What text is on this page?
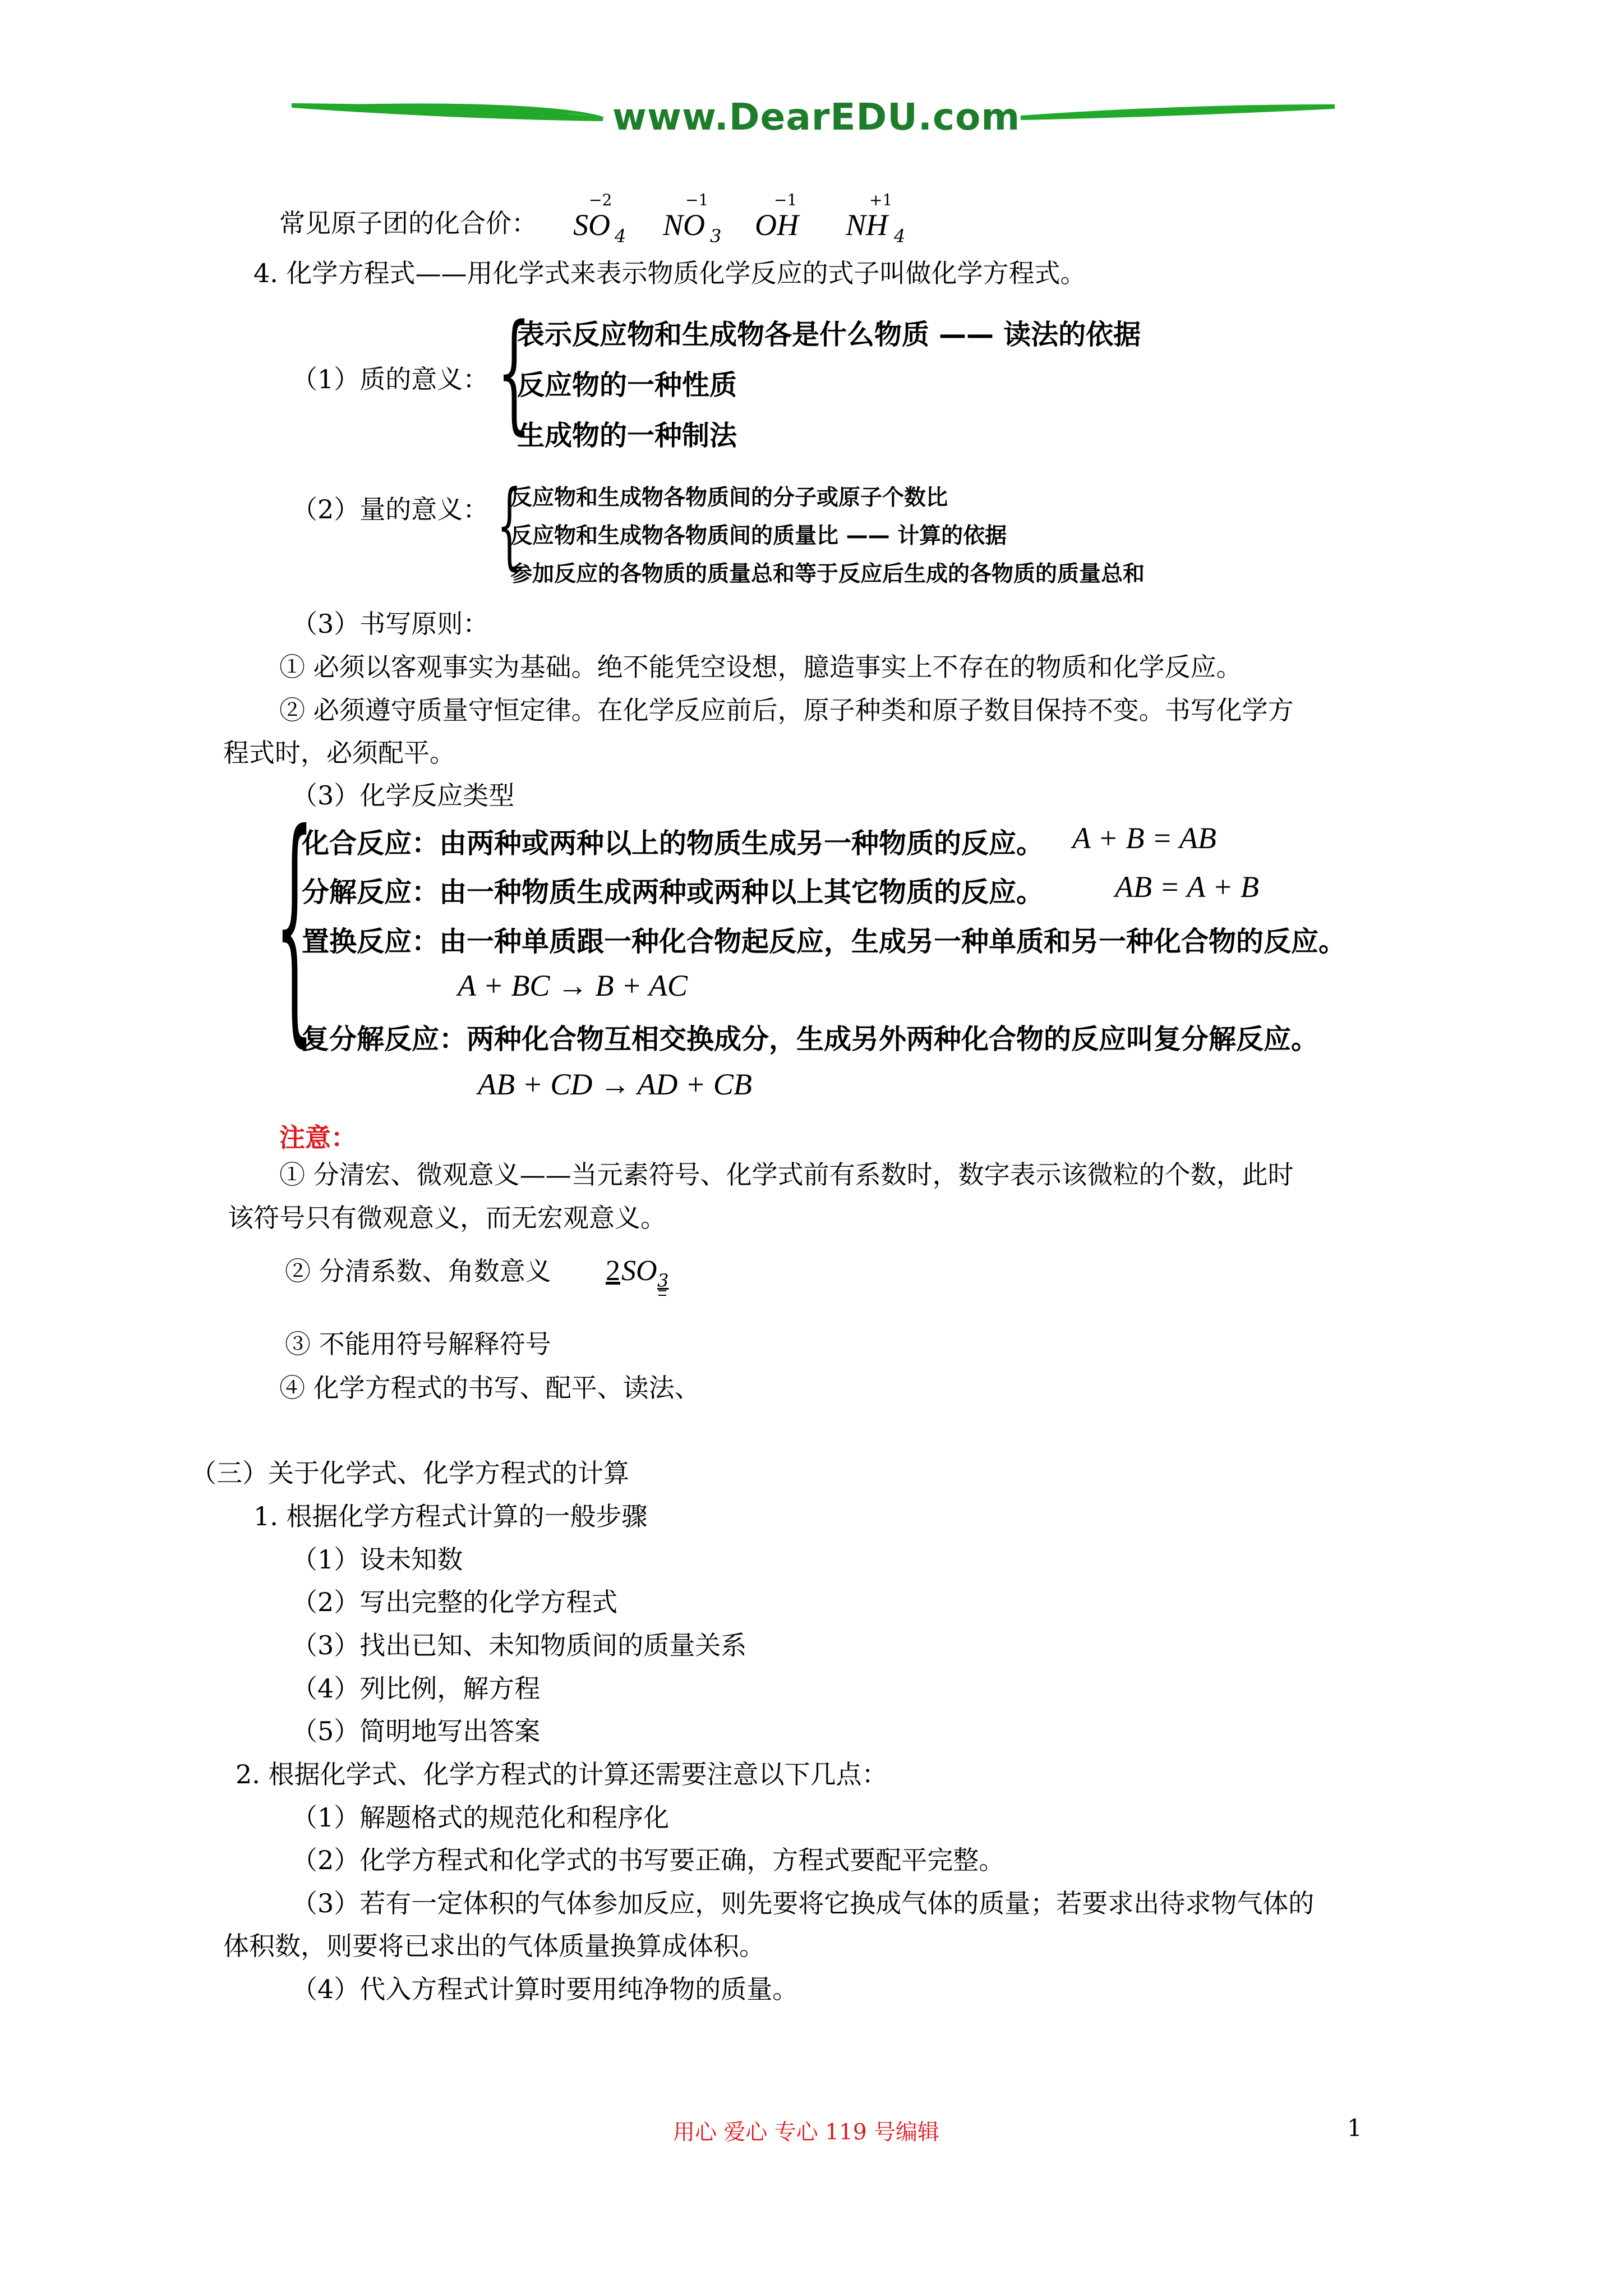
www.DearEDU.com
常见原子团的化合价：
−2
SO 4
−1
NO 3
−1
OH
+1
NH 4
4. 化学方程式——用化学式来表示物质化学反应的式子叫做化学方程式。
（1）质的意义： {
表示反应物和生成物各是什么物质 —— 读法的依据
反应物的一种性质
生成物的一种制法
（2）量的意义： {
反应物和生成物各物质间的分子或原子个数比
反应物和生成物各物质间的质量比 —— 计算的依据
参加反应的各物质的质量总和等于反应后生成的各物质的质量总和
（3）书写原则：
① 必须以客观事实为基础。绝不能凭空设想，臆造事实上不存在的物质和化学反应。
② 必须遵守质量守恒定律。在化学反应前后，原子种类和原子数目保持不变。书写化学方
程式时，必须配平。
（3）化学反应类型
{
化合反应：由两种或两种以上的物质生成另一种物质的反应。 A + B = AB
分解反应：由一种物质生成两种或两种以上其它物质的反应。 AB = A + B
置换反应：由一种单质跟一种化合物起反应，生成另一种单质和另一种化合物的反应。
A + BC → B + AC
复分解反应：两种化合物互相交换成分，生成另外两种化合物的反应叫复分解反应。
AB + CD → AD + CB
注意：
① 分清宏、微观意义——当元素符号、化学式前有系数时，数字表示该微粒的个数，此时
该符号只有微观意义，而无宏观意义。
② 分清系数、角数意义 2 SO 3
③ 不能用符号解释符号
④ 化学方程式的书写、配平、读法、
（三）关于化学式、化学方程式的计算
1. 根据化学方程式计算的一般步骤
（1）设未知数
（2）写出完整的化学方程式
（3）找出已知、未知物质间的质量关系
（4）列比例，解方程
（5）简明地写出答案
2. 根据化学式、化学方程式的计算还需要注意以下几点：
（1）解题格式的规范化和程序化
（2）化学方程式和化学式的书写要正确，方程式要配平完整。
（3）若有一定体积的气体参加反应，则先要将它换成气体的质量；若要求出待求物气体的
体积数，则要将已求出的气体质量换算成体积。
（4）代入方程式计算时要用纯净物的质量。
用心 爱心 专心 119 号编辑	1
